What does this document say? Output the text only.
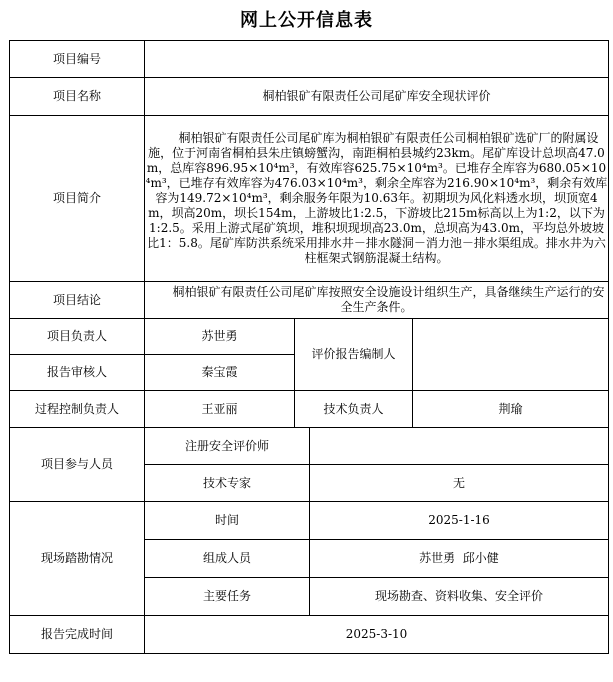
网上公开信息表
项目编号				
项目名称	桐柏银矿有限责任公司尾矿库安全现状评价			
项目简介	桐柏银矿有限责任公司尾矿库为桐柏银矿有限责任公司桐柏银矿选矿厂的附属设施，位于河南省桐柏县朱庄镇螃蟹沟，南距桐柏县城约23km。尾矿库设计总坝高47.0m，总库容896.95×10⁴m³，有效库容625.75×10⁴m³。已堆存全库容为680.05×10⁴m³，已堆存有效库容为476.03×10⁴m³，剩余全库容为216.90×10⁴m³，剩余有效库容为149.72×10⁴m³，剩余服务年限为10.63年。初期坝为风化料透水坝，坝顶宽4m，坝高20m，坝长154m，上游坡比1:2.5，下游坡比215m标高以上为1:2，以下为1:2.5。采用上游式尾矿筑坝，堆积坝现坝高23.0m，总坝高为43.0m，平均总外坡坡比1：5.8。尾矿库防洪系统采用排水井－排水隧洞－消力池－排水渠组成。排水井为六柱框架式钢筋混凝土结构。			
项目结论	桐柏银矿有限责任公司尾矿库按照安全设施设计组织生产，具备继续生产运行的安全生产条件。			
项目负责人	苏世勇	评价报告编制人		
报告审核人	秦宝霞			
过程控制负责人	王亚丽	技术负责人		荆瑜
项目参与人员	注册安全评价师			
	技术专家		无	
现场踏勘情况	时间		2025-1-16	
	组成人员		苏世勇  邱小健	
	主要任务		现场勘查、资料收集、安全评价	
报告完成时间	2025-3-10			
